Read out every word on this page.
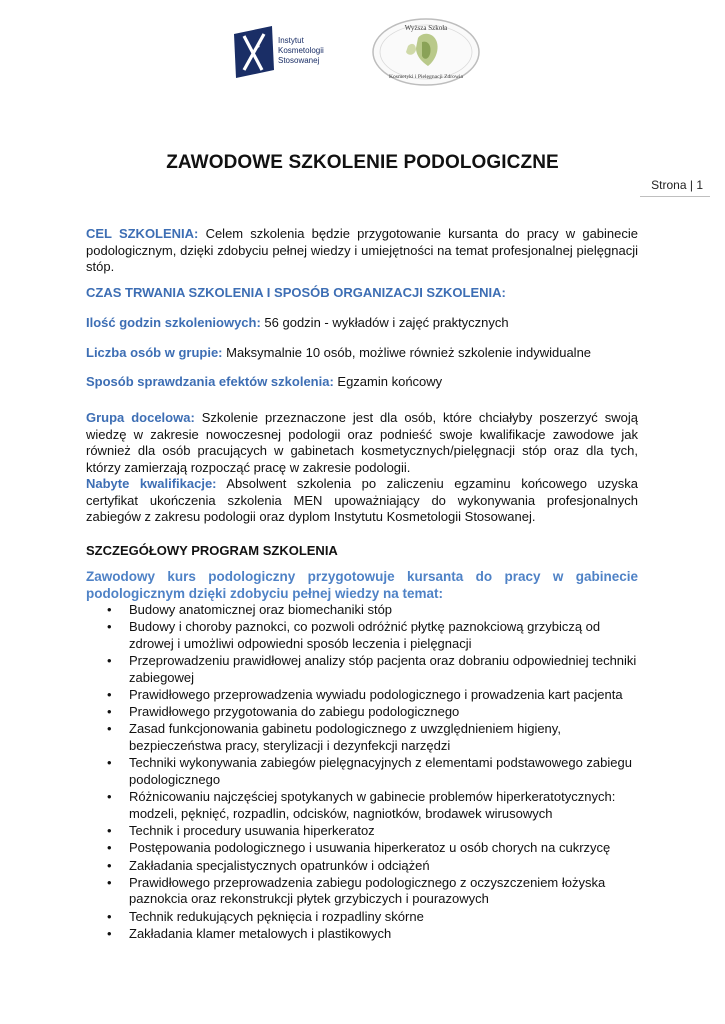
Instytut
Kosmetologii
Stosowanej
Wyższa Szkoła
Kosmetyki i Pielęgnacji Zdrowia
ZAWODOWE SZKOLENIE PODOLOGICZNE
Strona | 1
CEL SZKOLENIA: Celem szkolenia będzie przygotowanie kursanta do pracy w gabinecie podologicznym, dzięki zdobyciu pełnej wiedzy i umiejętności na temat profesjonalnej pielęgnacji stóp.
CZAS TRWANIA SZKOLENIA I SPOSÓB ORGANIZACJI SZKOLENIA:
Ilość godzin szkoleniowych: 56 godzin - wykładów i zajęć praktycznych
Liczba osób w grupie: Maksymalnie 10 osób, możliwe również szkolenie indywidualne
Sposób sprawdzania efektów szkolenia: Egzamin końcowy
Grupa docelowa: Szkolenie przeznaczone jest dla osób, które chciałyby poszerzyć swoją wiedzę w zakresie nowoczesnej podologii oraz podnieść swoje kwalifikacje zawodowe jak również dla osób pracujących w gabinetach kosmetycznych/pielęgnacji stóp oraz dla tych, którzy zamierzają rozpocząć pracę w zakresie podologii.
Nabyte kwalifikacje: Absolwent szkolenia po zaliczeniu egzaminu końcowego uzyska certyfikat ukończenia szkolenia MEN upoważniający do wykonywania profesjonalnych zabiegów z zakresu podologii oraz dyplom Instytutu Kosmetologii Stosowanej.
SZCZEGÓŁOWY PROGRAM SZKOLENIA
Zawodowy kurs podologiczny przygotowuje kursanta do pracy w gabinecie podologicznym dzięki zdobyciu pełnej wiedzy na temat:
• Budowy anatomicznej oraz biomechaniki stóp
• Budowy i choroby paznokci, co pozwoli odróżnić płytkę paznokciową grzybiczą od zdrowej i umożliwi odpowiedni sposób leczenia i pielęgnacji
• Przeprowadzeniu prawidłowej analizy stóp pacjenta oraz dobraniu odpowiedniej techniki zabiegowej
• Prawidłowego przeprowadzenia wywiadu podologicznego i prowadzenia kart pacjenta
• Prawidłowego przygotowania do zabiegu podologicznego
• Zasad funkcjonowania gabinetu podologicznego z uwzględnieniem higieny, bezpieczeństwa pracy, sterylizacji i dezynfekcji narzędzi
• Techniki wykonywania zabiegów pielęgnacyjnych z elementami podstawowego zabiegu podologicznego
• Różnicowaniu najczęściej spotykanych w gabinecie problemów hiperkeratotycznych: modzeli, pęknięć, rozpadlin, odcisków, nagniotków, brodawek wirusowych
• Technik i procedury usuwania hiperkeratoz
• Postępowania podologicznego i usuwania hiperkeratoz u osób chorych na cukrzycę
• Zakładania specjalistycznych opatrunków i odciążeń
• Prawidłowego przeprowadzenia zabiegu podologicznego z oczyszczeniem łożyska paznokcia oraz rekonstrukcji płytek grzybiczych i pourazowych
• Technik redukujących pęknięcia i rozpadliny skórne
• Zakładania klamer metalowych i plastikowych
